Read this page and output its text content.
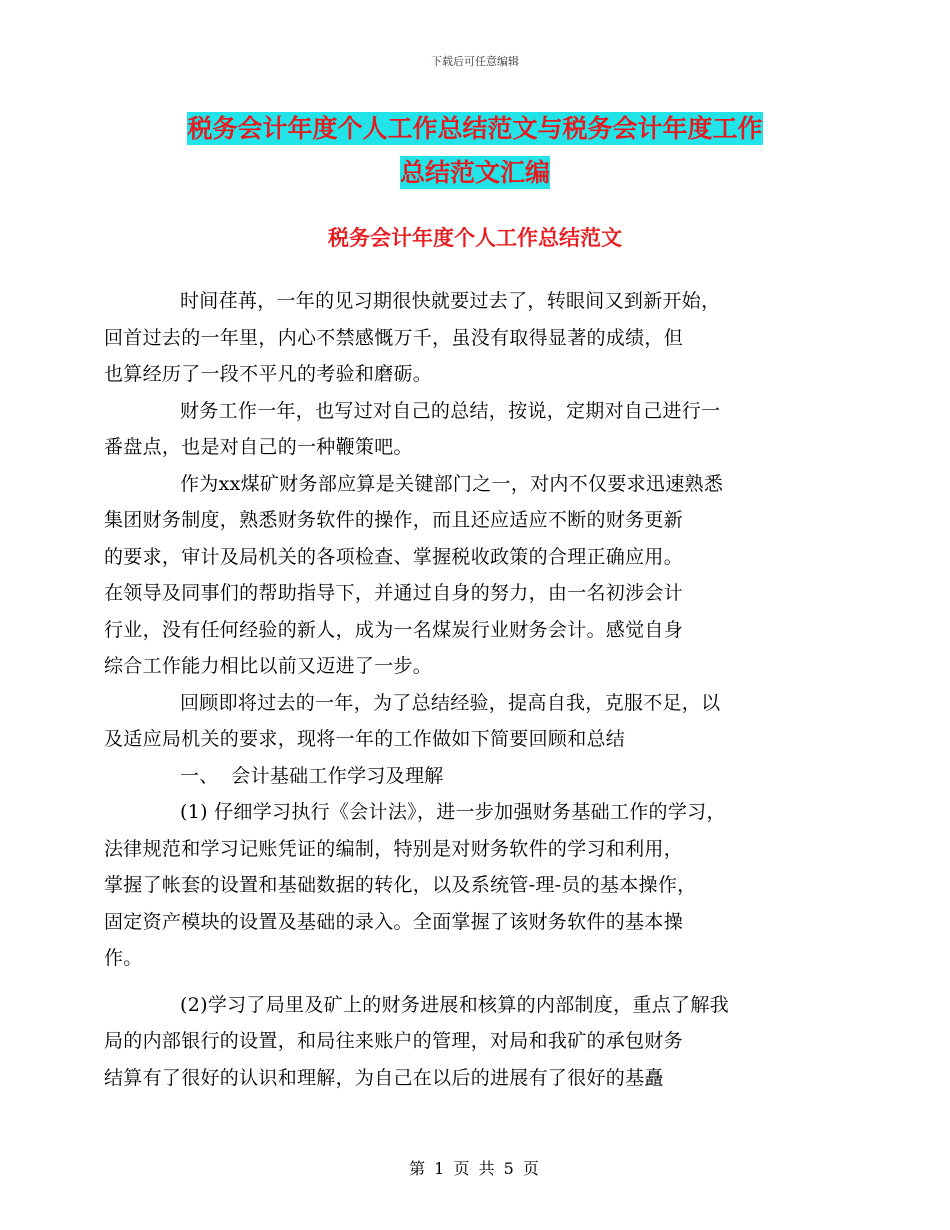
下载后可任意编辑
税务会计年度个人工作总结范文与税务会计年度工作
总结范文汇编
税务会计年度个人工作总结范文

时间荏苒，一年的见习期很快就要过去了，转眼间又到新开始，
回首过去的一年里，内心不禁感慨万千，虽没有取得显著的成绩，但
也算经历了一段不平凡的考验和磨砺。

财务工作一年，也写过对自己的总结，按说，定期对自己进行一
番盘点，也是对自己的一种鞭策吧。

作为xx煤矿财务部应算是关键部门之一，对内不仅要求迅速熟悉
集团财务制度，熟悉财务软件的操作，而且还应适应不断的财务更新
的要求，审计及局机关的各项检查、掌握税收政策的合理正确应用。
在领导及同事们的帮助指导下，并通过自身的努力，由一名初涉会计
行业，没有任何经验的新人，成为一名煤炭行业财务会计。感觉自身
综合工作能力相比以前又迈进了一步。

回顾即将过去的一年，为了总结经验，提高自我，克服不足，以
及适应局机关的要求，现将一年的工作做如下简要回顾和总结

一、  会计基础工作学习及理解

(1) 仔细学习执行《会计法》，进一步加强财务基础工作的学习，
法律规范和学习记账凭证的编制，特别是对财务软件的学习和利用，
掌握了帐套的设置和基础数据的转化，以及系统管-理-员的基本操作，
固定资产模块的设置及基础的录入。全面掌握了该财务软件的基本操
作。

(2)学习了局里及矿上的财务进展和核算的内部制度，重点了解我
局的内部银行的设置，和局往来账户的管理，对局和我矿的承包财务
结算有了很好的认识和理解，为自己在以后的进展有了很好的基矗

第 1 页 共 5 页
